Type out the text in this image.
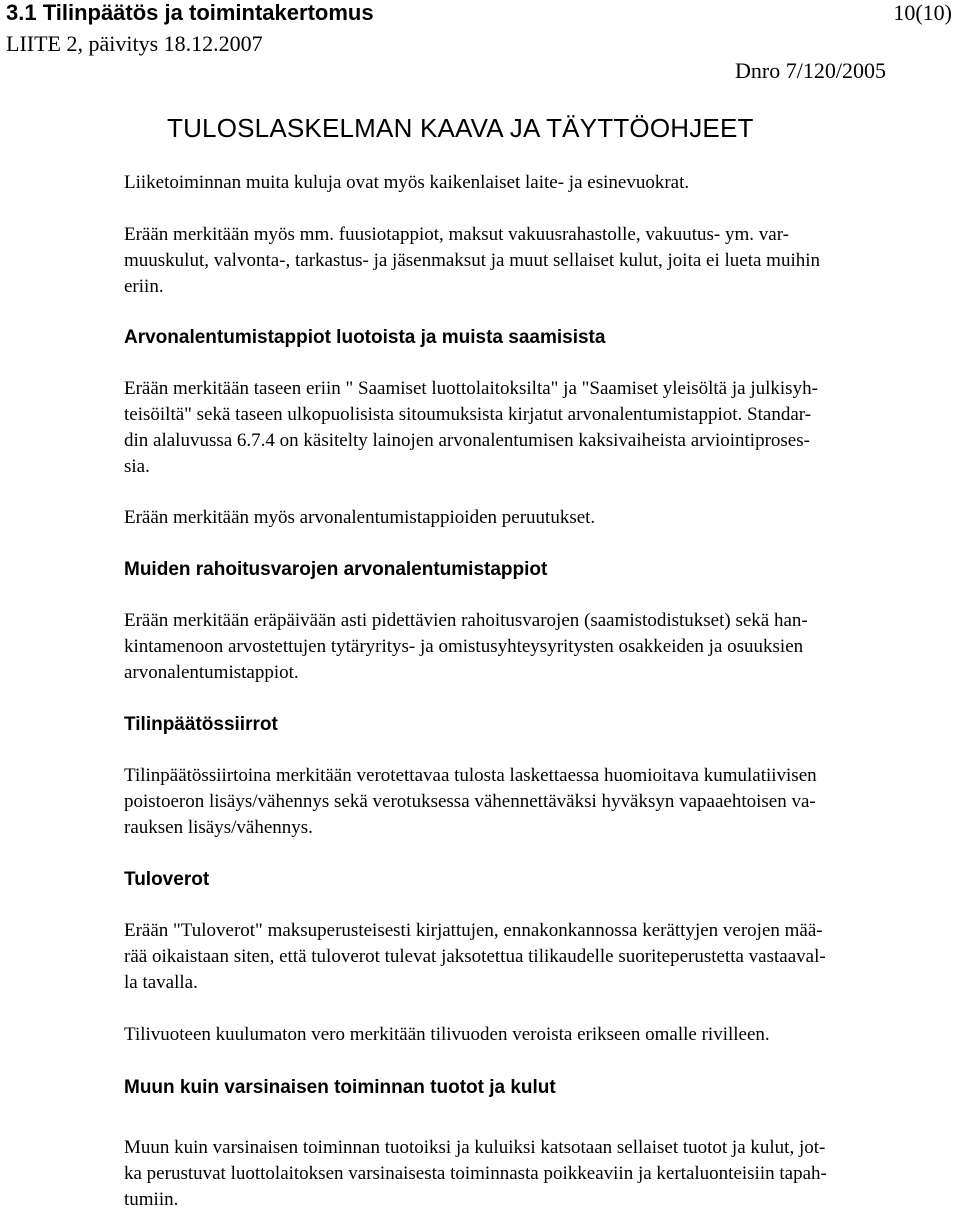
3.1 Tilinpäätös ja toimintakertomus
LIITE 2, päivitys 18.12.2007
10(10)
Dnro 7/120/2005
TULOSLASKELMAN KAAVA JA TÄYTTÖOHJEET
Liiketoiminnan muita kuluja ovat myös kaikenlaiset laite- ja esinevuokrat.
Erään merkitään myös mm. fuusiotappiot, maksut vakuusrahastolle, vakuutus- ym. var-
muuskulut, valvonta-, tarkastus- ja jäsenmaksut ja muut sellaiset kulut, joita ei lueta muihin
eriin.
Arvonalentumistappiot luotoista ja muista saamisista
Erään merkitään taseen eriin " Saamiset luottolaitoksilta" ja "Saamiset yleisöltä ja julkisyh-
teisöiltä" sekä taseen ulkopuolisista sitoumuksista kirjatut arvonalentumistappiot. Standar-
din alaluvussa 6.7.4 on käsitelty lainojen arvonalentumisen kaksivaiheista arviointiproses-
sia.
Erään merkitään myös arvonalentumistappioiden peruutukset.
Muiden rahoitusvarojen arvonalentumistappiot
Erään merkitään eräpäivään asti pidettävien rahoitusvarojen (saamistodistukset) sekä han-
kintamenoon arvostettujen tytäryritys- ja omistusyhteysyritysten osakkeiden ja osuuksien
arvonalentumistappiot.
Tilinpäätössiirrot
Tilinpäätössiirtoina merkitään verotettavaa tulosta laskettaessa huomioitava kumulatiivisen
poistoeron lisäys/vähennys sekä verotuksessa vähennettäväksi hyväksyn vapaaehtoisen va-
rauksen lisäys/vähennys.
Tuloverot
Erään "Tuloverot" maksuperusteisesti kirjattujen, ennakonkannossa kerättyjen verojen mää-
rää oikaistaan siten, että tuloverot tulevat jaksotettua tilikaudelle suoriteperustetta vastaaval-
la tavalla.
Tilivuoteen kuulumaton vero merkitään tilivuoden veroista erikseen omalle rivilleen.
Muun kuin varsinaisen toiminnan tuotot ja kulut
Muun kuin varsinaisen toiminnan tuotoiksi ja kuluiksi katsotaan sellaiset tuotot ja kulut, jot-
ka perustuvat luottolaitoksen varsinaisesta toiminnasta poikkeaviin ja kertaluonteisiin tapah-
tumiin.
